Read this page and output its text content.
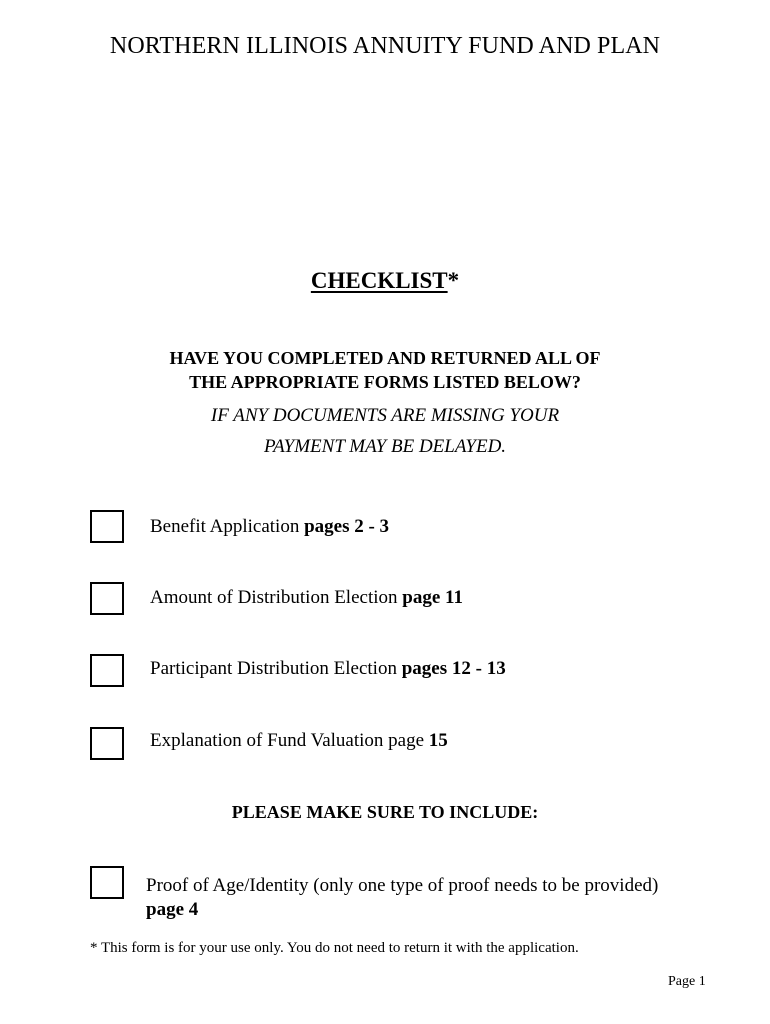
NORTHERN ILLINOIS ANNUITY FUND AND PLAN
CHECKLIST*
HAVE YOU COMPLETED AND RETURNED ALL OF
THE APPROPRIATE FORMS LISTED BELOW?
IF ANY DOCUMENTS ARE MISSING YOUR
PAYMENT MAY BE DELAYED.
Benefit Application pages 2 - 3
Amount of Distribution Election page 11
Participant Distribution Election pages 12 - 13
Explanation of Fund Valuation page 15
PLEASE MAKE SURE TO INCLUDE:
Proof of Age/Identity (only one type of proof needs to be provided)
page 4
* This form is for your use only. You do not need to return it with the application.
Page 1
